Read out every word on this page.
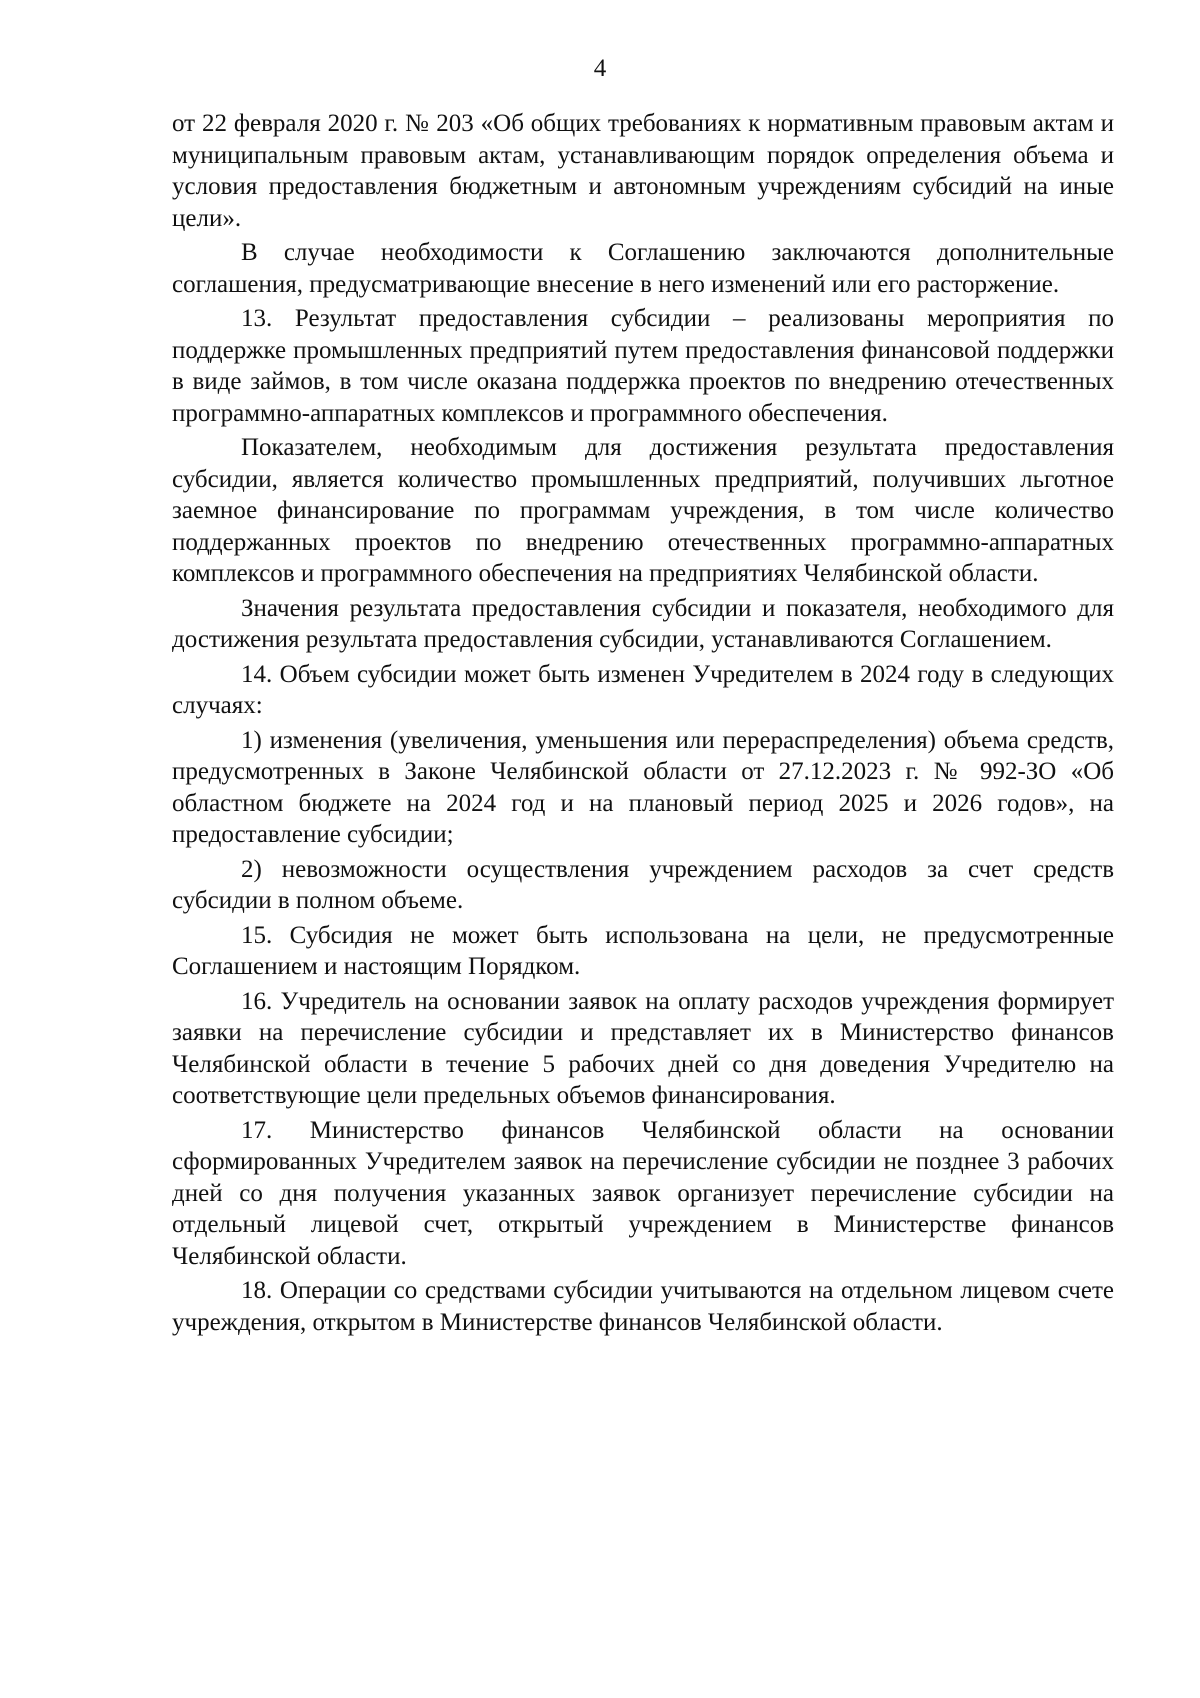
4

от 22 февраля 2020 г. № 203 «Об общих требованиях к нормативным правовым актам и муниципальным правовым актам, устанавливающим порядок определения объема и условия предоставления бюджетным и автономным учреждениям субсидий на иные цели».

В случае необходимости к Соглашению заключаются дополнительные соглашения, предусматривающие внесение в него изменений или его расторжение.

13. Результат предоставления субсидии – реализованы мероприятия по поддержке промышленных предприятий путем предоставления финансовой поддержки в виде займов, в том числе оказана поддержка проектов по внедрению отечественных программно-аппаратных комплексов и программного обеспечения.

Показателем, необходимым для достижения результата предоставления субсидии, является количество промышленных предприятий, получивших льготное заемное финансирование по программам учреждения, в том числе количество поддержанных проектов по внедрению отечественных программно-аппаратных комплексов и программного обеспечения на предприятиях Челябинской области.

Значения результата предоставления субсидии и показателя, необходимого для достижения результата предоставления субсидии, устанавливаются Соглашением.

14. Объем субсидии может быть изменен Учредителем в 2024 году в следующих случаях:

1) изменения (увеличения, уменьшения или перераспределения) объема средств, предусмотренных в Законе Челябинской области от 27.12.2023 г. № 992-ЗО «Об областном бюджете на 2024 год и на плановый период 2025 и 2026 годов», на предоставление субсидии;

2) невозможности осуществления учреждением расходов за счет средств субсидии в полном объеме.

15. Субсидия не может быть использована на цели, не предусмотренные Соглашением и настоящим Порядком.

16. Учредитель на основании заявок на оплату расходов учреждения формирует заявки на перечисление субсидии и представляет их в Министерство финансов Челябинской области в течение 5 рабочих дней со дня доведения Учредителю на соответствующие цели предельных объемов финансирования.

17. Министерство финансов Челябинской области на основании сформированных Учредителем заявок на перечисление субсидии не позднее 3 рабочих дней со дня получения указанных заявок организует перечисление субсидии на отдельный лицевой счет, открытый учреждением в Министерстве финансов Челябинской области.

18. Операции со средствами субсидии учитываются на отдельном лицевом счете учреждения, открытом в Министерстве финансов Челябинской области.
